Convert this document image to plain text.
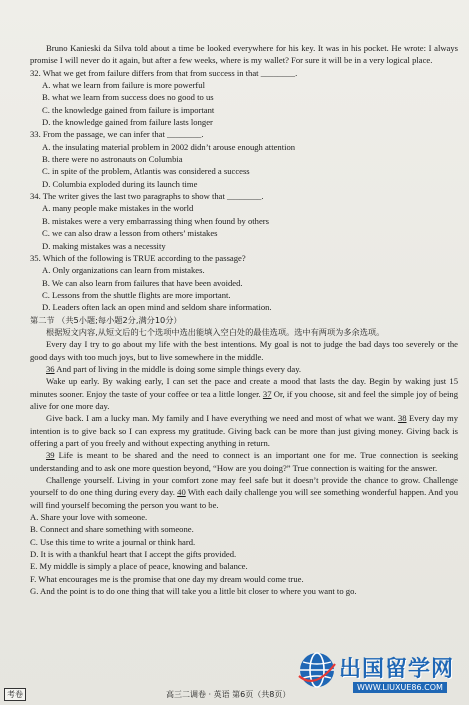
Bruno Kanieski da Silva told about a time be looked everywhere for his key. It was in his pocket. He wrote: I always promise I will never do it again, but after a few weeks, where is my wallet? For sure it will be in a very logical place.

32. What we get from failure differs from that from success in that ________.

A. what we learn from failure is more powerful

B. what we learn from success does no good to us

C. the knowledge gained from failure is important

D. the knowledge gained from failure lasts longer

33. From the passage, we can infer that ________.

A. the insulating material problem in 2002 didn’t arouse enough attention

B. there were no astronauts on Columbia

C. in spite of the problem, Atlantis was considered a success

D. Columbia exploded during its launch time

34. The writer gives the last two paragraphs to show that ________.

A. many people make mistakes in the world

B. mistakes were a very embarrassing thing when found by others

C. we can also draw a lesson from others’ mistakes

D. making mistakes was a necessity

35. Which of the following is TRUE according to the passage?

A. Only organizations can learn from mistakes.

B. We can also learn from failures that have been avoided.

C. Lessons from the shuttle flights are more important.

D. Leaders often lack an open mind and seldom share information.

第二节 （共5小题;每小题2分,满分10分）

根据短文内容,从短文后的七个选项中选出能填入空白处的最佳选项。选中有两项为多余选项。

Every day I try to go about my life with the best intentions. My goal is not to judge the bad days too severely or the good days with too much joys, but to live somewhere in the middle.

36 And part of living in the middle is doing some simple things every day.

Wake up early. By waking early, I can set the pace and create a mood that lasts the day. Begin by waking just 15 minutes sooner. Enjoy the taste of your coffee or tea a little longer. 37 Or, if you choose, sit and feel the simple joy of being alive for one more day.

Give back. I am a lucky man. My family and I have everything we need and most of what we want. 38 Every day my intention is to give back so I can express my gratitude. Giving back can be more than just giving money. Giving back is offering a part of you freely and without expecting anything in return.

39 Life is meant to be shared and the need to connect is an important one for me. True connection is seeking understanding and to ask one more question beyond, “How are you doing?” True connection is waiting for the answer.

Challenge yourself. Living in your comfort zone may feel safe but it doesn’t provide the chance to grow. Challenge yourself to do one thing during every day. 40 With each daily challenge you will see something wonderful happen. And you will find yourself becoming the person you want to be.

A. Share your love with someone.

B. Connect and share something with someone.

C. Use this time to write a journal or think hard.

D. It is with a thankful heart that I accept the gifts provided.

E. My middle is simply a place of peace, knowing and balance.

F. What encourages me is the promise that one day my dream would come true.

G. And the point is to do one thing that will take you a little bit closer to where you want to go.

考卷	高三二调卷 · 英语 第6页（共8页）
出国留学网
WWW.LIUXUE86.COM
